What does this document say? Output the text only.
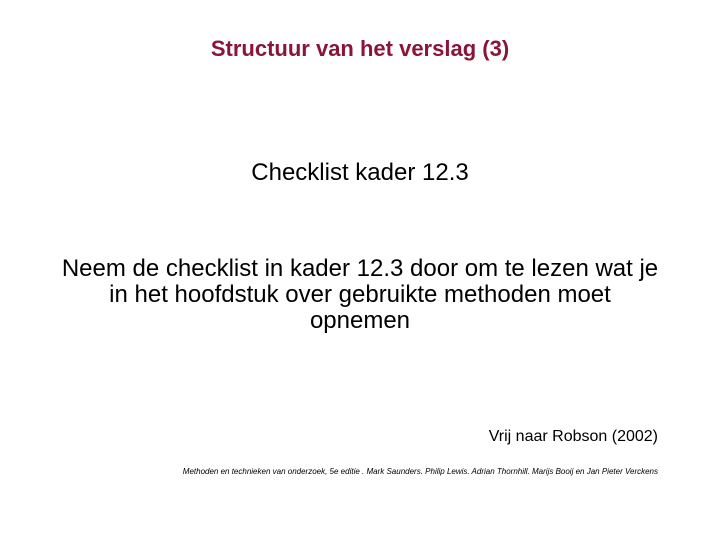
Structuur van het verslag (3)
Checklist kader 12.3
Neem de checklist in kader 12.3 door om te lezen wat je in het hoofdstuk over gebruikte methoden moet opnemen
Vrij naar Robson (2002)
Methoden en technieken van onderzoek, 5e editie . Mark Saunders. Philip Lewis. Adrian Thornhill. Marijs Booij en Jan Pieter Verckens
